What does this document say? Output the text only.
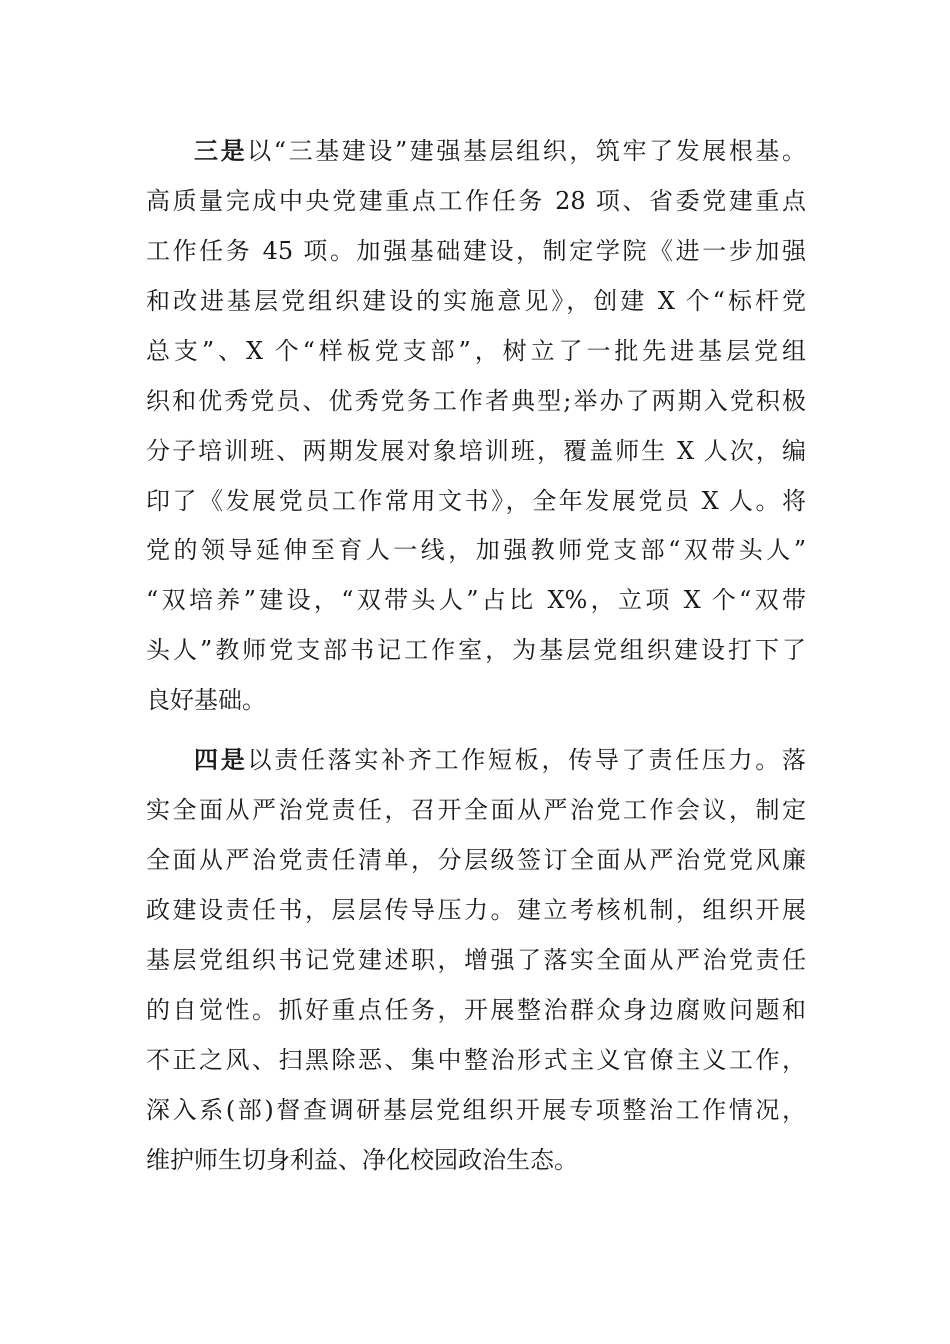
三是以“三基建设”建强基层组织，筑牢了发展根基。
高质量完成中央党建重点工作任务 28 项、省委党建重点
工作任务 45 项。加强基础建设，制定学院《进一步加强
和改进基层党组织建设的实施意见》，创建 X 个“标杆党
总支”、X 个“样板党支部”，树立了一批先进基层党组
织和优秀党员、优秀党务工作者典型;举办了两期入党积极
分子培训班、两期发展对象培训班，覆盖师生 X 人次，编
印了《发展党员工作常用文书》，全年发展党员 X 人。将
党的领导延伸至育人一线，加强教师党支部“双带头人”
“双培养”建设，“双带头人”占比 X%，立项 X 个“双带
头人”教师党支部书记工作室，为基层党组织建设打下了
良好基础。
四是以责任落实补齐工作短板，传导了责任压力。落
实全面从严治党责任，召开全面从严治党工作会议，制定
全面从严治党责任清单，分层级签订全面从严治党党风廉
政建设责任书，层层传导压力。建立考核机制，组织开展
基层党组织书记党建述职，增强了落实全面从严治党责任
的自觉性。抓好重点任务，开展整治群众身边腐败问题和
不正之风、扫黑除恶、集中整治形式主义官僚主义工作，
深入系(部)督查调研基层党组织开展专项整治工作情况，
维护师生切身利益、净化校园政治生态。
